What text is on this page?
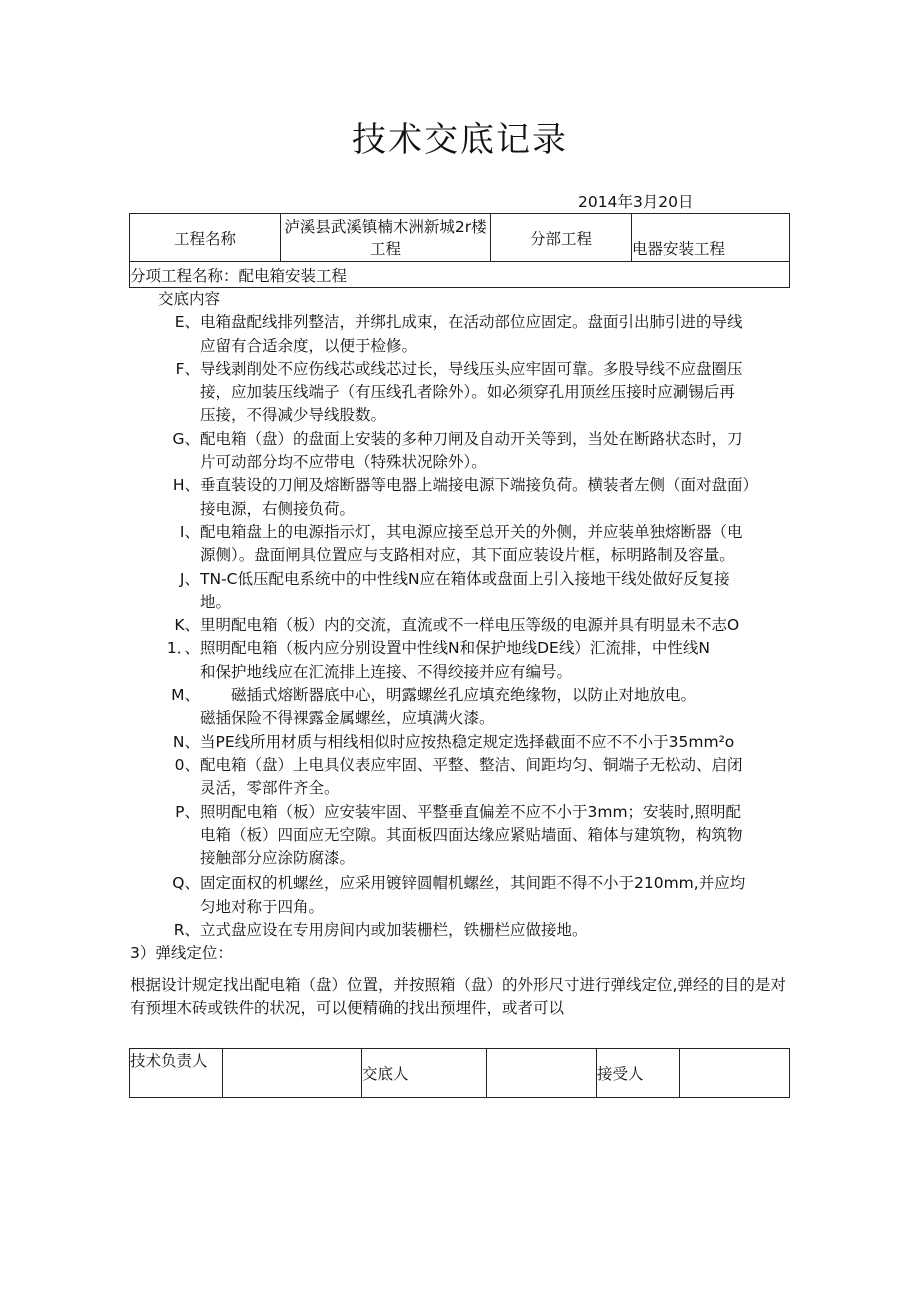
技术交底记录
2014年3月20日
工程名称	泸溪县武溪镇楠木洲新城2r楼工程	分部工程	电器安装工程
分项工程名称：配电箱安装工程
交底内容
E、 电箱盘配线排列整洁，并绑扎成束，在活动部位应固定。盘面引出肺引进的导线
应留有合适余度，以便于检修。
F、 导线剥削处不应伤线芯或线芯过长，导线压头应牢固可靠。多股导线不应盘圈压
接，应加装压线端子（有压线孔者除外）。如必须穿孔用顶丝压接时应涮锡后再
压接，不得减少导线股数。
G、 配电箱（盘）的盘面上安装的多种刀闸及自动开关等到，当处在断路状态时，刀
片可动部分均不应带电（特殊状况除外）。
H、 垂直装设的刀闸及熔断器等电器上端接电源下端接负荷。横装者左侧（面对盘面）
接电源，右侧接负荷。
I、 配电箱盘上的电源指示灯，其电源应接至总开关的外侧，并应装单独熔断器（电
源侧）。盘面闸具位置应与支路相对应，其下面应装设片框，标明路制及容量。
J、 TN-C低压配电系统中的中性线N应在箱体或盘面上引入接地干线处做好反复接
地。
K、 里明配电箱（板）内的交流，直流或不一样电压等级的电源并具有明显未不志O
1．、 照明配电箱（板内应分别设置中性线N和保护地线DE线）汇流排，中性线N
和保护地线应在汇流排上连接、不得绞接并应有编号。
M、 　　磁插式熔断器底中心，明露螺丝孔应填充绝缘物，以防止对地放电。
磁插保险不得裸露金属螺丝，应填满火漆。
N、 当PE线所用材质与相线相似时应按热稳定规定选择截面不应不不小于35mm²o
0、 配电箱（盘）上电具仪表应牢固、平整、整洁、间距均匀、铜端子无松动、启闭
灵活，零部件齐全。
P、 照明配电箱（板）应安装牢固、平整垂直偏差不应不小于3mm；安装时,照明配
电箱（板）四面应无空隙。其面板四面达缘应紧贴墙面、箱体与建筑物，构筑物
接触部分应涂防腐漆。
Q、 固定面权的机螺丝，应采用镀锌圆帽机螺丝，其间距不得不小于210mm,并应均
匀地对称于四角。
R、 立式盘应设在专用房间内或加装栅栏，铁栅栏应做接地。
3）弹线定位：
根据设计规定找出配电箱（盘）位置，并按照箱（盘）的外形尺寸进行弹线定位,弹经的目的是对有预埋木砖或铁件的状况，可以便精确的找出预埋件，或者可以
技术负责人		交底人		接受人	
